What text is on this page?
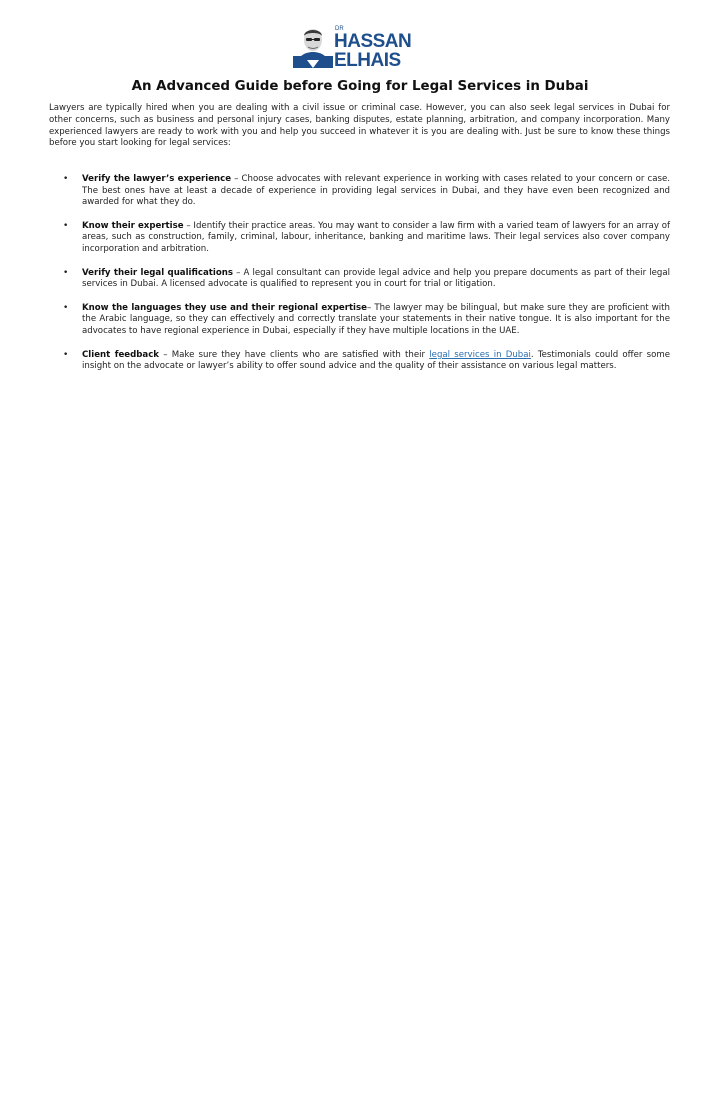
DR
HASSAN
ELHAIS
An Advanced Guide before Going for Legal Services in Dubai

Lawyers are typically hired when you are dealing with a civil issue or criminal case. However, you can also seek legal services in Dubai for other concerns, such as business and personal injury cases, banking disputes, estate planning, arbitration, and company incorporation. Many experienced lawyers are ready to work with you and help you succeed in whatever it is you are dealing with. Just be sure to know these things before you start looking for legal services:

• Verify the lawyer’s experience – Choose advocates with relevant experience in working with cases related to your concern or case. The best ones have at least a decade of experience in providing legal services in Dubai, and they have even been recognized and awarded for what they do.
• Know their expertise – Identify their practice areas. You may want to consider a law firm with a varied team of lawyers for an array of areas, such as construction, family, criminal, labour, inheritance, banking and maritime laws. Their legal services also cover company incorporation and arbitration.
• Verify their legal qualifications – A legal consultant can provide legal advice and help you prepare documents as part of their legal services in Dubai. A licensed advocate is qualified to represent you in court for trial or litigation.
• Know the languages they use and their regional expertise– The lawyer may be bilingual, but make sure they are proficient with the Arabic language, so they can effectively and correctly translate your statements in their native tongue. It is also important for the advocates to have regional experience in Dubai, especially if they have multiple locations in the UAE.
• Client feedback – Make sure they have clients who are satisfied with their legal services in Dubai. Testimonials could offer some insight on the advocate or lawyer’s ability to offer sound advice and the quality of their assistance on various legal matters.
